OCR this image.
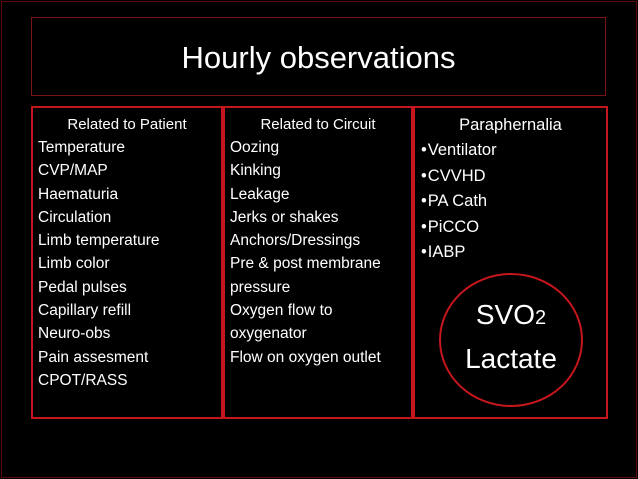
Hourly observations
Related to Patient
Temperature
CVP/MAP
Haematuria
Circulation
Limb temperature
Limb color
Pedal pulses
Capillary refill
Neuro-obs
Pain assesment
CPOT/RASS
Related to Circuit
Oozing
Kinking
Leakage
Jerks or shakes
Anchors/Dressings
Pre & post membrane
pressure
Oxygen flow to
oxygenator
Flow on oxygen outlet
Paraphernalia
•Ventilator
•CVVHD
•PA Cath
•PiCCO
•IABP
SVO2
Lactate
